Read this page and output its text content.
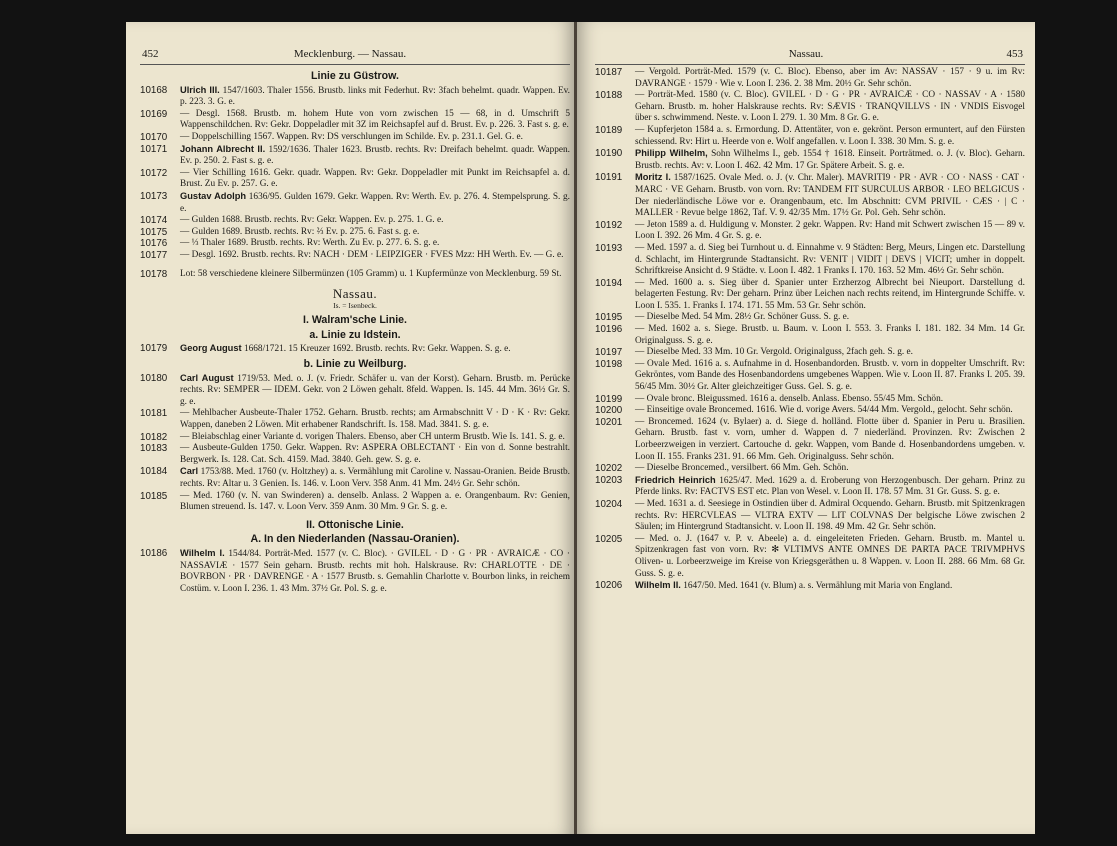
452	Mecklenburg. — Nassau.
Linie zu Güstrow.
10168 Ulrich III. 1547/1603. Thaler 1556. Brustb. links mit Federhut. Rv: 3fach behelmt. quadr. Wappen. Ev. p. 223. 3. G. e.
10169 — Desgl. 1568. Brustb. m. hohem Hute von vorn zwischen 15 — 68, in d. Umschrift 5 Wappenschildchen. Rv: Gekr. Doppeladler mit 3Z im Reichsapfel auf d. Brust. Ev. p. 226. 3. Fast s. g. e.
10170 — Doppelschilling 1567. Wappen. Rv: DS verschlungen im Schilde. Ev. p. 231.1. Gel. G. e.
10171 Johann Albrecht II. 1592/1636. Thaler 1623. Brustb. rechts. Rv: Dreifach behelmt. quadr. Wappen. Ev. p. 250. 2. Fast s. g. e.
10172 — Vier Schilling 1616. Gekr. quadr. Wappen. Rv: Gekr. Doppeladler mit Punkt im Reichsapfel a. d. Brust. Zu Ev. p. 257. G. e.
10173 Gustav Adolph 1636/95. Gulden 1679. Gekr. Wappen. Rv: Werth. Ev. p. 276. 4. Stempelsprung. S. g. e.
10174 — Gulden 1688. Brustb. rechts. Rv: Gekr. Wappen. Ev. p. 275. 1. G. e.
10175 — Gulden 1689. Brustb. rechts. Rv: ⅔ Ev. p. 275. 6. Fast s. g. e.
10176 — ⅓ Thaler 1689. Brustb. rechts. Rv: Werth. Zu Ev. p. 277. 6. S. g. e.
10177 — Desgl. 1692. Brustb. rechts. Rv: NACH · DEM · LEIPZIGER · FVES Mzz: HH Werth. Ev. — G. e.
10178 Lot: 58 verschiedene kleinere Silbermünzen (105 Gramm) u. 1 Kupfermünze von Mecklenburg. 59 St.
Nassau.
Is. = Isenbeck.
I. Walram'sche Linie.
a. Linie zu Idstein.
10179 Georg August 1668/1721. 15 Kreuzer 1692. Brustb. rechts. Rv: Gekr. Wappen. S. g. e.
b. Linie zu Weilburg.
10180 Carl August 1719/53. Med. o. J. (v. Friedr. Schäfer u. van der Korst). Geharn. Brustb. m. Perücke rechts. Rv: SEMPER — IDEM. Gekr. von 2 Löwen gehalt. 8feld. Wappen. Is. 145. 44 Mm. 36½ Gr. S. g. e.
10181 — Mehlbacher Ausbeute-Thaler 1752. Geharn. Brustb. rechts; am Armabschnitt V · D · K · Rv: Gekr. Wappen, daneben 2 Löwen. Mit erhabener Randschrift. Is. 158. Mad. 3841. S. g. e.
10182 — Bleiabschlag einer Variante d. vorigen Thalers. Ebenso, aber CH unterm Brustb. Wie Is. 141. S. g. e.
10183 — Ausbeute-Gulden 1750. Gekr. Wappen. Rv: ASPERA OBLECTANT · Ein von d. Sonne bestrahlt. Bergwerk. Is. 128. Cat. Sch. 4159. Mad. 3840. Geh. gew. S. g. e.
10184 Carl 1753/88. Med. 1760 (v. Holtzhey) a. s. Vermählung mit Caroline v. Nassau-Oranien. Beide Brustb. rechts. Rv: Altar u. 3 Genien. Is. 146. v. Loon Verv. 358 Anm. 41 Mm. 24½ Gr. Sehr schön.
10185 — Med. 1760 (v. N. van Swinderen) a. denselb. Anlass. 2 Wappen a. e. Orangenbaum. Rv: Genien, Blumen streuend. Is. 147. v. Loon Verv. 359 Anm. 30 Mm. 9 Gr. S. g. e.
II. Ottonische Linie.
A. In den Niederlanden (Nassau-Oranien).
10186 Wilhelm I. 1544/84. Porträt-Med. 1577 (v. C. Bloc). · GVILEL · D · G · PR · AVRAICÆ · CO · NASSAVIÆ · 1577 Sein geharn. Brustb. rechts mit hoh. Halskrause. Rv: CHARLOTTE · DE · BOVRBON · PR · DAVRENGE · A · 1577 Brustb. s. Gemahlin Charlotte v. Bourbon links, in reichem Costüm. v. Loon I. 236. 1. 43 Mm. 37½ Gr. Pol. S. g. e.
Nassau.	453
10187 — Vergold. Porträt-Med. 1579 (v. C. Bloc). Ebenso, aber im Av: NASSAV · 157 · 9 u. im Rv: DAVRANGE · 1579 · Wie v. Loon I. 236. 2. 38 Mm. 20½ Gr. Sehr schön.
10188 — Porträt-Med. 1580 (v. C. Bloc). GVILEL · D · G · PR · AVRAICÆ · CO · NASSAV · A · 1580 Geharn. Brustb. m. hoher Halskrause rechts. Rv: SÆVIS · TRANQVILLVS · IN · VNDIS Eisvogel über s. schwimmend. Neste. v. Loon I. 279. 1. 30 Mm. 8 Gr. G. e.
10189 — Kupferjeton 1584 a. s. Ermordung. D. Attentäter, von e. gekrönt. Person ermuntert, auf den Fürsten schiessend. Rv: Hirt u. Heerde von e. Wolf angefallen. v. Loon I. 338. 30 Mm. S. g. e.
10190 Philipp Wilhelm, Sohn Wilhelms I., geb. 1554 † 1618. Einseit. Porträtmed. o. J. (v. Bloc). Geharn. Brustb. rechts. Av: v. Loon I. 462. 42 Mm. 17 Gr. Spätere Arbeit. S. g. e.
10191 Moritz I. 1587/1625. Ovale Med. o. J. (v. Chr. Maler). MAVRITI9 · PR · AVR · CO · NASS · CAT · MARC · VE Geharn. Brustb. von vorn. Rv: TANDEM FIT SURCULUS ARBOR · LEO BELGICUS · Der niederländische Löwe vor e. Orangenbaum, etc. Im Abschnitt: CVM PRIVIL · CÆS · | C · MALLER · Revue belge 1862, Taf. V. 9. 42/35 Mm. 17½ Gr. Pol. Geh. Sehr schön.
10192 — Jeton 1589 a. d. Huldigung v. Monster. 2 gekr. Wappen. Rv: Hand mit Schwert zwischen 15 — 89 v. Loon I. 392. 26 Mm. 4 Gr. S. g. e.
10193 — Med. 1597 a. d. Sieg bei Turnhout u. d. Einnahme v. 9 Städten: Berg, Meurs, Lingen etc. Darstellung d. Schlacht, im Hintergrunde Stadtansicht. Rv: VENIT | VIDIT | DEVS | VICIT; umher in doppelt. Schriftkreise Ansicht d. 9 Städte. v. Loon I. 482. 1 Franks I. 170. 163. 52 Mm. 46½ Gr. Sehr schön.
10194 — Med. 1600 a. s. Sieg über d. Spanier unter Erzherzog Albrecht bei Nieuport. Darstellung d. belagerten Festung. Rv: Der geharn. Prinz über Leichen nach rechts reitend, im Hintergrunde Schiffe. v. Loon I. 535. 1. Franks I. 174. 171. 55 Mm. 53 Gr. Sehr schön.
10195 — Dieselbe Med. 54 Mm. 28½ Gr. Schöner Guss. S. g. e.
10196 — Med. 1602 a. s. Siege. Brustb. u. Baum. v. Loon I. 553. 3. Franks I. 181. 182. 34 Mm. 14 Gr. Originalguss. S. g. e.
10197 — Dieselbe Med. 33 Mm. 10 Gr. Vergold. Originalguss, 2fach geh. S. g. e.
10198 — Ovale Med. 1616 a. s. Aufnahme in d. Hosenbandorden. Brustb. v. vorn in doppelter Umschrift. Rv: Gekröntes, vom Bande des Hosenbandordens umgebenes Wappen. Wie v. Loon II. 87. Franks I. 205. 39. 56/45 Mm. 30½ Gr. Alter gleichzeitiger Guss. Gel. S. g. e.
10199 — Ovale bronc. Bleigussmed. 1616 a. denselb. Anlass. Ebenso. 55/45 Mm. Schön.
10200 — Einseitige ovale Broncemed. 1616. Wie d. vorige Avers. 54/44 Mm. Vergold., gelocht. Sehr schön.
10201 — Broncemed. 1624 (v. Bylaer) a. d. Siege d. holländ. Flotte über d. Spanier in Peru u. Brasilien. Geharn. Brustb. fast v. vorn, umher d. Wappen d. 7 niederländ. Provinzen. Rv: Zwischen 2 Lorbeerzweigen in verziert. Cartouche d. gekr. Wappen, vom Bande d. Hosenbandordens umgeben. v. Loon II. 155. Franks 231. 91. 66 Mm. Geh. Originalguss. Sehr schön.
10202 — Dieselbe Broncemed., versilbert. 66 Mm. Geh. Schön.
10203 Friedrich Heinrich 1625/47. Med. 1629 a. d. Eroberung von Herzogenbusch. Der geharn. Prinz zu Pferde links. Rv: FACTVS EST etc. Plan von Wesel. v. Loon II. 178. 57 Mm. 31 Gr. Guss. S. g. e.
10204 — Med. 1631 a. d. Seesiege in Ostindien über d. Admiral Ocquendo. Geharn. Brustb. mit Spitzenkragen rechts. Rv: HERCVLEAS — VLTRA EXTV — LIT COLVNAS Der belgische Löwe zwischen 2 Säulen; im Hintergrund Stadtansicht. v. Loon II. 198. 49 Mm. 42 Gr. Sehr schön.
10205 — Med. o. J. (1647 v. P. v. Abeele) a. d. eingeleiteten Frieden. Geharn. Brustb. m. Mantel u. Spitzenkragen fast von vorn. Rv: ✻ VLTIMVS ANTE OMNES DE PARTA PACE TRIVMPHVS Oliven- u. Lorbeerzweige im Kreise von Kriegsgeräthen u. 8 Wappen. v. Loon II. 288. 66 Mm. 68 Gr. Guss. S. g. e.
10206 Wilhelm II. 1647/50. Med. 1641 (v. Blum) a. s. Vermählung mit Maria von England.
